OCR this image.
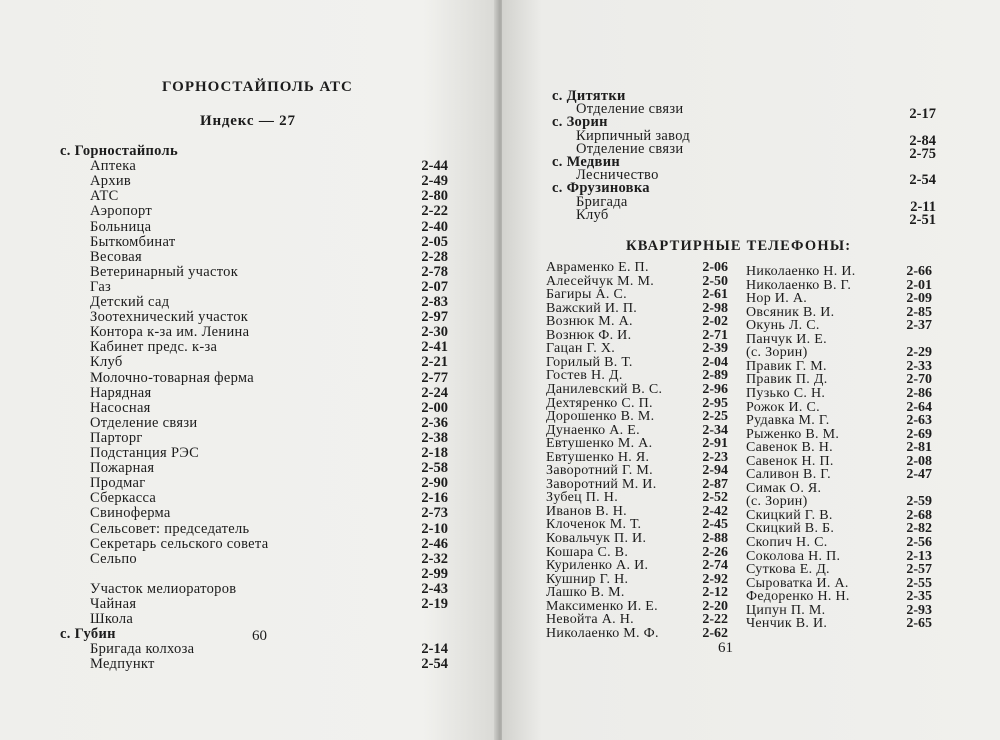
ГОРНОСТАЙПОЛЬ АТС
Индекс — 27
с. Горностайполь
Аптека	2-44
Архив	2-49
АТС	2-80
Аэропорт	2-22
Больница	2-40
Быткомбинат	2-05
Весовая	2-28
Ветеринарный участок	2-78
Газ	2-07
Детский сад	2-83
Зоотехнический участок	2-97
Контора к-за им. Ленина	2-30
Кабинет предс. к-за	2-41
Клуб	2-21
Молочно-товарная ферма	2-77
Нарядная	2-24
Насосная	2-00
Отделение связи	2-36
Парторг	2-38
Подстанция РЭС	2-18
Пожарная	2-58
Продмаг	2-90
Сберкасса	2-16
Свиноферма	2-73
Сельсовет: председатель	2-10
Секретарь сельского совета	2-46
Сельпо	2-32
2-99
Участок мелиораторов	2-43
Чайная	2-19
Школа
с. Губин
Бригада колхоза	2-14
Медпункт	2-54
60
с. Дитятки
Отделение связи	2-17
с. Зорин
Кирпичный завод	2-84
Отделение связи	2-75
с. Медвин
Лесничество	2-54
с. Фрузиновка
Бригада	2-11
Клуб	2-51
КВАРТИРНЫЕ ТЕЛЕФОНЫ:
Авраменко Е. П.	2-06
Алесейчук М. М.	2-50
Багиры А. С.	2-61
Важский И. П.	2-98
Вознюк М. А.	2-02
Вознюк Ф. И.	2-71
Гацан Г. Х.	2-39
Горилый В. Т.	2-04
Гостев Н. Д.	2-89
Данилевский В. С.	2-96
Дехтяренко С. П.	2-95
Дорошенко В. М.	2-25
Дунаенко А. Е.	2-34
Евтушенко М. А.	2-91
Евтушенко Н. Я.	2-23
Заворотний Г. М.	2-94
Заворотний М. И.	2-87
Зубец П. Н.	2-52
Иванов В. Н.	2-42
Клоченок М. Т.	2-45
Ковальчук П. И.	2-88
Кошара С. В.	2-26
Куриленко А. И.	2-74
Кушнир Г. Н.	2-92
Лашко В. М.	2-12
Максименко И. Е.	2-20
Невойта А. Н.	2-22
Николаенко М. Ф.	2-62
Николаенко Н. И.	2-66
Николаенко В. Г.	2-01
Нор И. А.	2-09
Овсяник В. И.	2-85
Окунь Л. С.	2-37
Панчук И. Е.
(с. Зорин)	2-29
Правик Г. М.	2-33
Правик П. Д.	2-70
Пузько С. Н.	2-86
Рожок И. С.	2-64
Рудавка М. Г.	2-63
Рыженко В. М.	2-69
Савенок В. Н.	2-81
Савенок Н. П.	2-08
Саливон В. Г.	2-47
Симак О. Я.
(с. Зорин)	2-59
Скицкий Г. В.	2-68
Скицкий В. Б.	2-82
Скопич Н. С.	2-56
Соколова Н. П.	2-13
Суткова Е. Д.	2-57
Сыроватка И. А.	2-55
Федоренко Н. Н.	2-35
Ципун П. М.	2-93
Ченчик В. И.	2-65
61
